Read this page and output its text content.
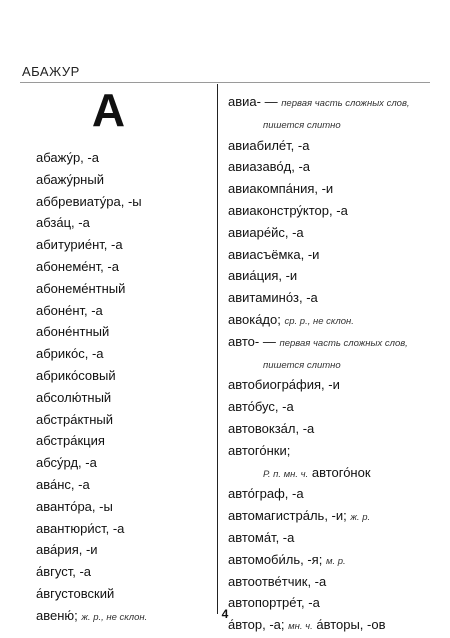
АБАЖУР
А
абажу́р, -а
абажу́рный
аббревиату́ра, -ы
абза́ц, -а
абитурие́нт, -а
абонеме́нт, -а
абонеме́нтный
абоне́нт, -а
абоне́нтный
абрико́с, -а
абрико́совый
абсолю́тный
абстра́ктный
абстра́кция
абсу́рд, -а
ава́нс, -а
аванто́ра, -ы
авантюри́ст, -а
ава́рия, -и
а́вгуст, -а
а́вгустовский
авеню́; ж. р., не склон.
авиа- — первая часть сложных слов,
пишется слитно
авиабиле́т, -а
авиазаво́д, -а
авиакомпа́ния, -и
авиаконстру́ктор, -а
авиаре́йс, -а
авиасъёмка, -и
авиа́ция, -и
авитамино́з, -а
авока́до; ср. р., не склон.
авто- — первая часть сложных слов,
пишется слитно
автобиогра́фия, -и
авто́бус, -а
автовокза́л, -а
автого́нки;
Р. п. мн. ч. автого́нок
авто́граф, -а
автомагистра́ль, -и; ж. р.
автома́т, -а
автомоби́ль, -я; м. р.
автоотве́тчик, -а
автопортре́т, -а
а́втор, -а; мн. ч. а́вторы, -ов
4
